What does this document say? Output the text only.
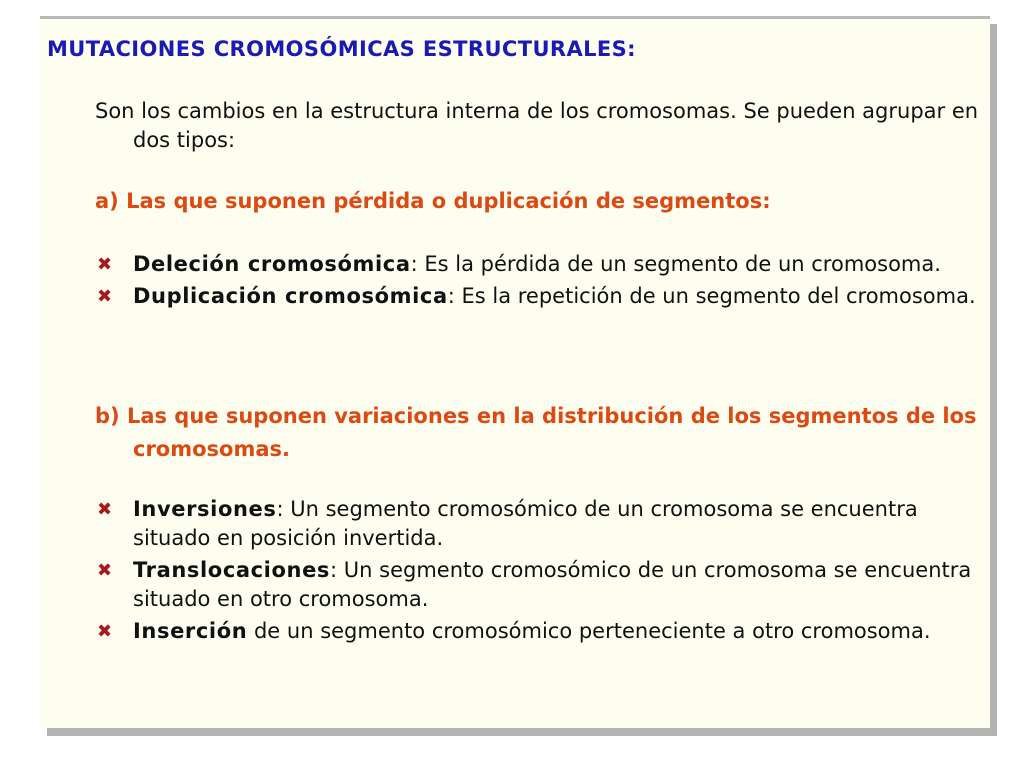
MUTACIONES CROMOSÓMICAS ESTRUCTURALES:

Son los cambios en la estructura interna de los cromosomas. Se pueden agrupar en dos tipos:

a) Las que suponen pérdida o duplicación de segmentos:
✖ Deleción cromosómica: Es la pérdida de un segmento de un cromosoma.
✖ Duplicación cromosómica: Es la repetición de un segmento del cromosoma.
b) Las que suponen variaciones en la distribución de los segmentos de los cromosomas.
✖ Inversiones: Un segmento cromosómico de un cromosoma se encuentra situado en posición invertida.
✖ Translocaciones: Un segmento cromosómico de un cromosoma se encuentra situado en otro cromosoma.
✖ Inserción de un segmento cromosómico perteneciente a otro cromosoma.
